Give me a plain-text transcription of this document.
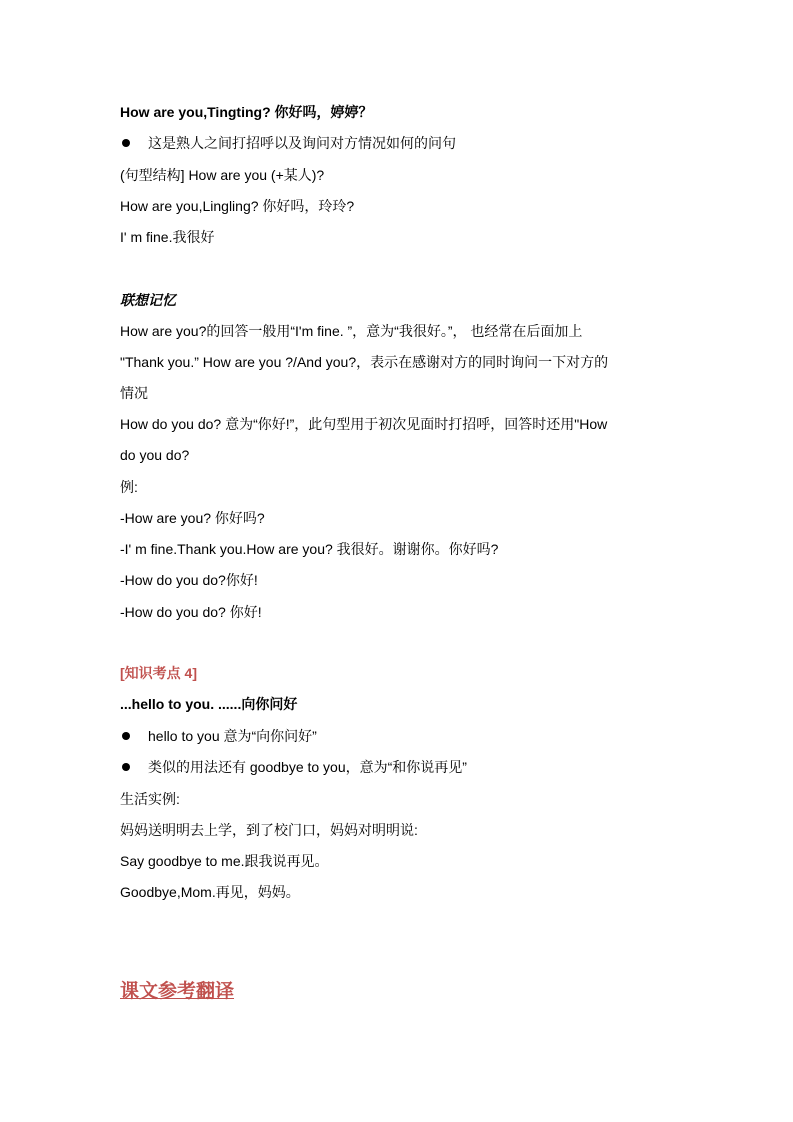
How are you,Tingting? 你好吗，婷婷？
这是熟人之间打招呼以及询问对方情况如何的问句
(句型结构] How are you (+某人)?
How are you,Lingling? 你好吗，玲玲?
I' m fine.我很好
联想记忆
How are you?的回答一般用“I'm fine. ”，意为“我很好。”， 也经常在后面加上
"Thank you.” How are you ?/And you?，表示在感谢对方的同时询问一下对方的
情况
How do you do? 意为“你好!”，此句型用于初次见面时打招呼，回答时还用"How
do you do?
例:
-How are you? 你好吗?
-I' m fine.Thank you.How are you? 我很好。谢谢你。你好吗?
-How do you do?你好!
-How do you do? 你好!
[知识考点 4]
...hello to you. ......向你问好
hello to you 意为“向你问好”
类似的用法还有 goodbye to you，意为“和你说再见”
生活实例:
妈妈送明明去上学，到了校门口，妈妈对明明说:
Say goodbye to me.跟我说再见。
Goodbye,Mom.再见，妈妈。
课文参考翻译
